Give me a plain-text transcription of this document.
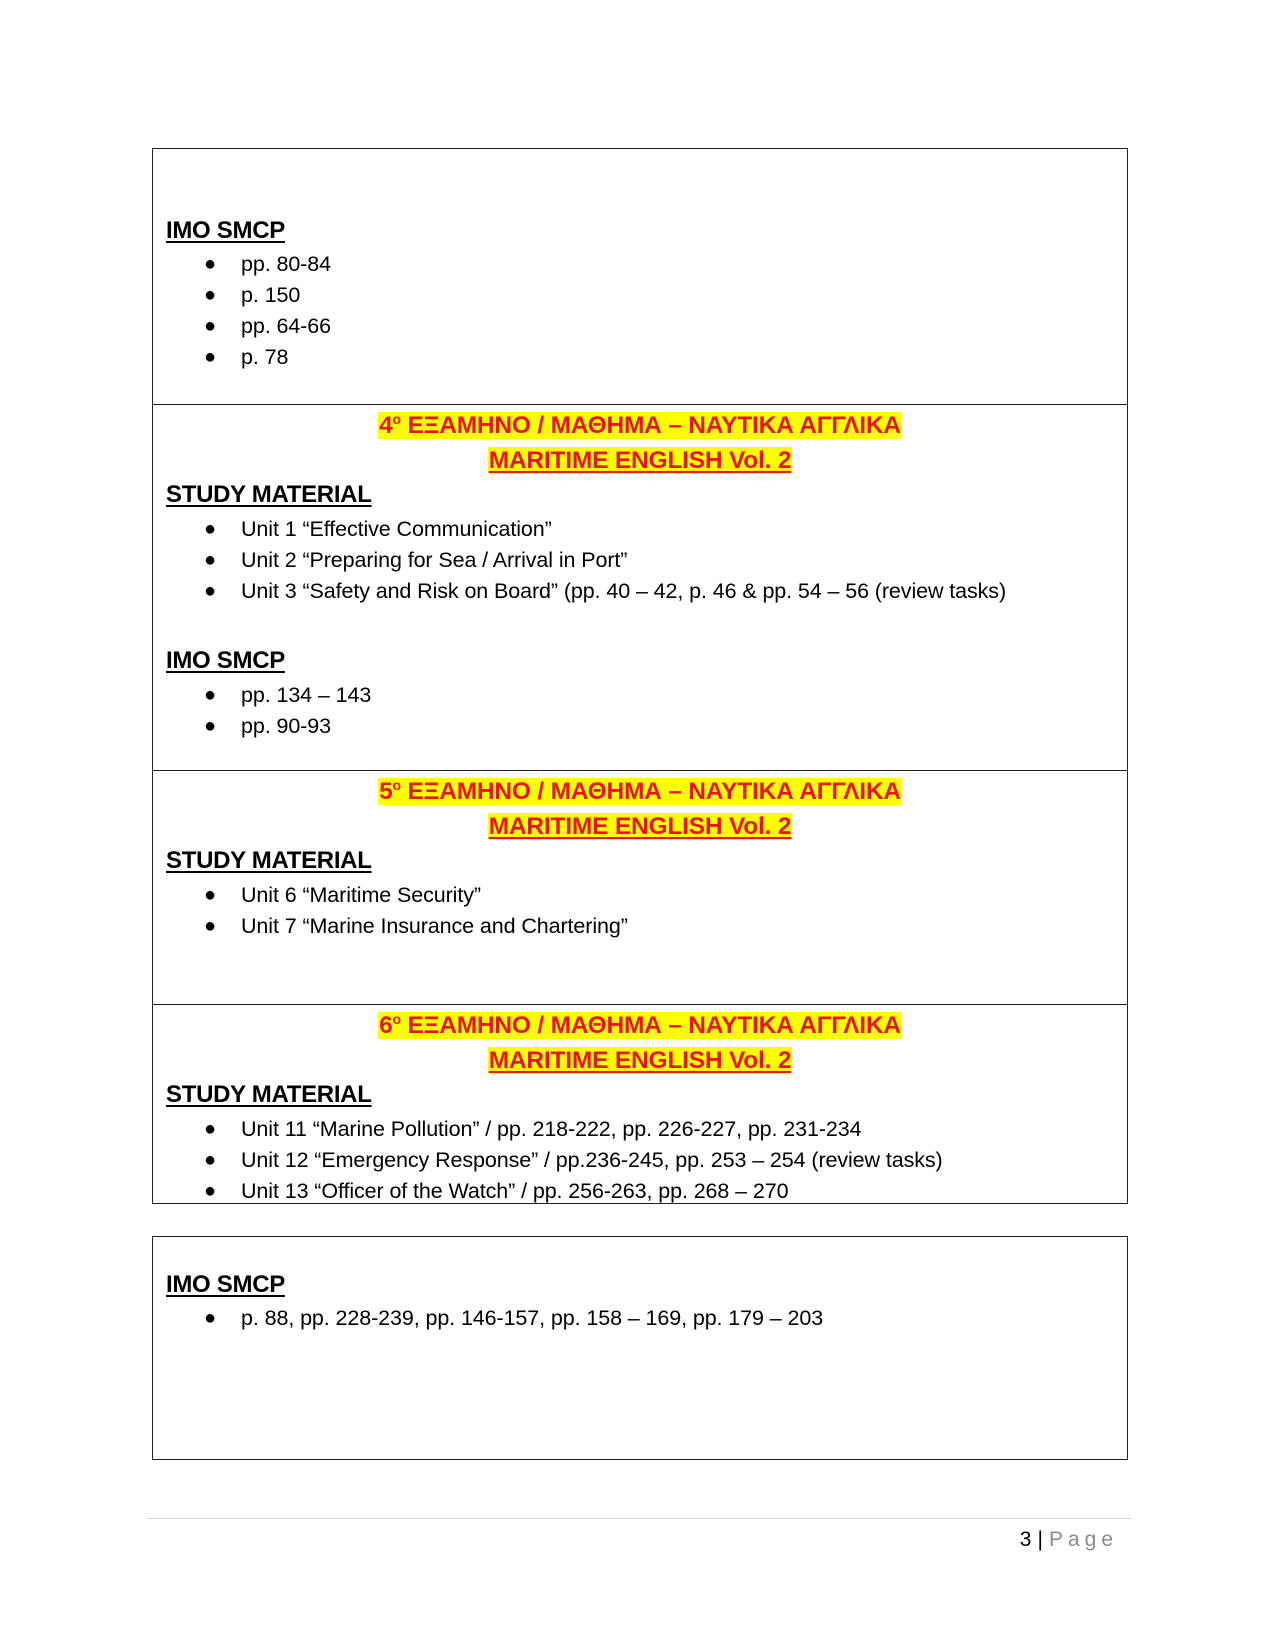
IMO SMCP
● pp. 80-84
● p. 150
● pp. 64-66
● p. 78
$4^o$ ΕΞΑΜΗΝΟ / ΜΑΘΗΜΑ – ΝΑΥΤΙΚΑ ΑΓΓΛΙΚΑ
MARITIME ENGLISH Vol. 2
STUDY MATERIAL
● Unit 1 “Effective Communication”
● Unit 2 “Preparing for Sea / Arrival in Port”
● Unit 3 “Safety and Risk on Board” (pp. 40 – 42, p. 46 & pp. 54 – 56 (review tasks)
IMO SMCP
● pp. 134 – 143
● pp. 90-93
$5^o$ ΕΞΑΜΗΝΟ / ΜΑΘΗΜΑ – ΝΑΥΤΙΚΑ ΑΓΓΛΙΚΑ
MARITIME ENGLISH Vol. 2
STUDY MATERIAL
● Unit 6 “Maritime Security”
● Unit 7 “Marine Insurance and Chartering”
$6^o$ ΕΞΑΜΗΝΟ / ΜΑΘΗΜΑ – ΝΑΥΤΙΚΑ ΑΓΓΛΙΚΑ
MARITIME ENGLISH Vol. 2
STUDY MATERIAL
● Unit 11 “Marine Pollution” / pp. 218-222, pp. 226-227, pp. 231-234
● Unit 12 “Emergency Response” / pp.236-245, pp. 253 – 254 (review tasks)
● Unit 13 “Officer of the Watch” / pp. 256-263, pp. 268 – 270
IMO SMCP
● p. 88, pp. 228-239, pp. 146-157, pp. 158 – 169, pp. 179 – 203
3 | Page
